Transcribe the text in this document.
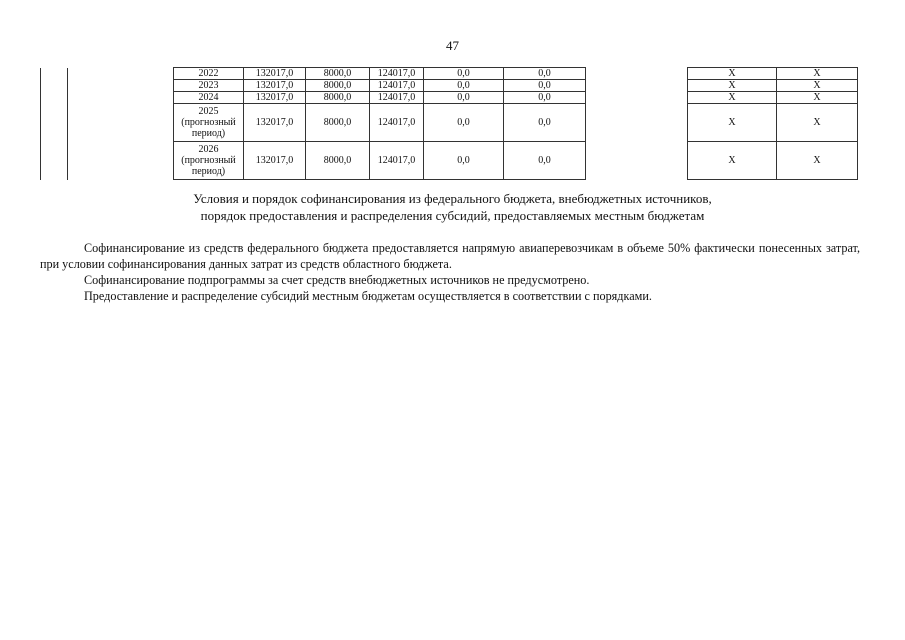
47
		2022	132017,0	8000,0	124017,0	0,0	0,0		Х	Х
		2023	132017,0	8000,0	124017,0	0,0	0,0		Х	Х
		2024	132017,0	8000,0	124017,0	0,0	0,0		Х	Х
		2025
(прогнозный
период)	132017,0	8000,0	124017,0	0,0	0,0		Х	Х
		2026
(прогнозный
период)	132017,0	8000,0	124017,0	0,0	0,0		Х	Х
Условия и порядок софинансирования из федерального бюджета, внебюджетных источников,
порядок предоставления и распределения субсидий, предоставляемых местным бюджетам

Софинансирование из средств федерального бюджета предоставляется напрямую авиаперевозчикам в объеме 50% фактически понесенных затрат, при условии софинансирования данных затрат из средств областного бюджета.

Софинансирование подпрограммы за счет средств внебюджетных источников не предусмотрено.

Предоставление и распределение субсидий местным бюджетам осуществляется в соответствии с порядками.
